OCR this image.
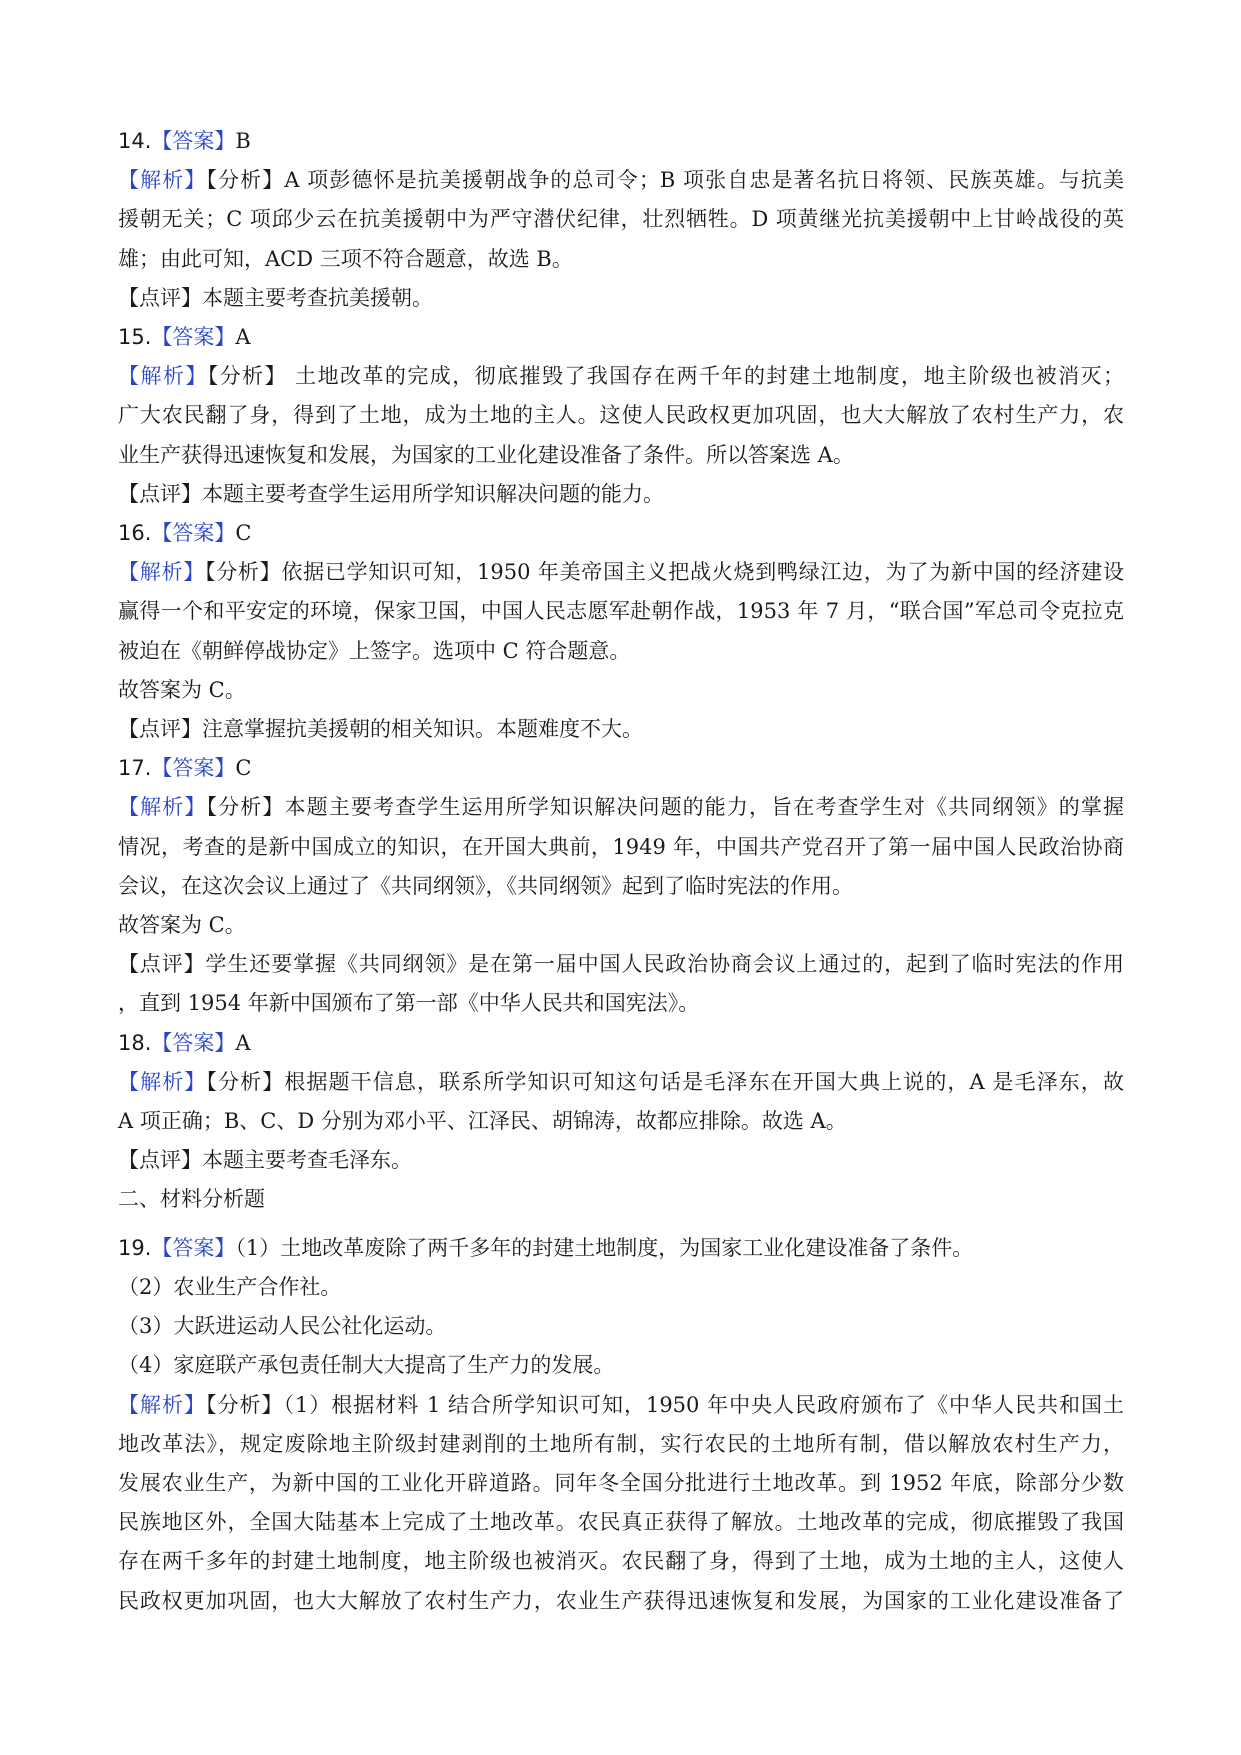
14.【答案】B
【解析】【分析】A 项彭德怀是抗美援朝战争的总司令；B 项张自忠是著名抗日将领、民族英雄。与抗美
援朝无关；C 项邱少云在抗美援朝中为严守潜伏纪律，壮烈牺牲。D 项黄继光抗美援朝中上甘岭战役的英
雄；由此可知，ACD 三项不符合题意，故选 B。
【点评】本题主要考查抗美援朝。
15.【答案】A
【解析】【分析】 土地改革的完成，彻底摧毁了我国存在两千年的封建土地制度，地主阶级也被消灭；
广大农民翻了身，得到了土地，成为土地的主人。这使人民政权更加巩固，也大大解放了农村生产力，农
业生产获得迅速恢复和发展，为国家的工业化建设准备了条件。所以答案选 A。
【点评】本题主要考查学生运用所学知识解决问题的能力。
16.【答案】C
【解析】【分析】依据已学知识可知，1950 年美帝国主义把战火烧到鸭绿江边，为了为新中国的经济建设
赢得一个和平安定的环境，保家卫国，中国人民志愿军赴朝作战，1953 年 7 月，“联合国”军总司令克拉克
被迫在《朝鲜停战协定》上签字。选项中 C 符合题意。
故答案为 C。
【点评】注意掌握抗美援朝的相关知识。本题难度不大。
17.【答案】C
【解析】【分析】本题主要考查学生运用所学知识解决问题的能力，旨在考查学生对《共同纲领》的掌握
情况，考查的是新中国成立的知识，在开国大典前，1949 年，中国共产党召开了第一届中国人民政治协商
会议，在这次会议上通过了《共同纲领》，《共同纲领》起到了临时宪法的作用。
故答案为 C。
【点评】学生还要掌握《共同纲领》是在第一届中国人民政治协商会议上通过的，起到了临时宪法的作用
，直到 1954 年新中国颁布了第一部《中华人民共和国宪法》。
18.【答案】A
【解析】【分析】根据题干信息，联系所学知识可知这句话是毛泽东在开国大典上说的，A 是毛泽东，故
A 项正确；B、C、D 分别为邓小平、江泽民、胡锦涛，故都应排除。故选 A。
【点评】本题主要考查毛泽东。
二、材料分析题
19.【答案】（1）土地改革废除了两千多年的封建土地制度，为国家工业化建设准备了条件。
（2）农业生产合作社。
（3）大跃进运动人民公社化运动。
（4）家庭联产承包责任制大大提高了生产力的发展。
【解析】【分析】（1）根据材料 1 结合所学知识可知，1950 年中央人民政府颁布了《中华人民共和国土
地改革法》，规定废除地主阶级封建剥削的土地所有制，实行农民的土地所有制，借以解放农村生产力，
发展农业生产，为新中国的工业化开辟道路。同年冬全国分批进行土地改革。到 1952 年底，除部分少数
民族地区外，全国大陆基本上完成了土地改革。农民真正获得了解放。土地改革的完成，彻底摧毁了我国
存在两千多年的封建土地制度，地主阶级也被消灭。农民翻了身，得到了土地，成为土地的主人，这使人
民政权更加巩固，也大大解放了农村生产力，农业生产获得迅速恢复和发展，为国家的工业化建设准备了
